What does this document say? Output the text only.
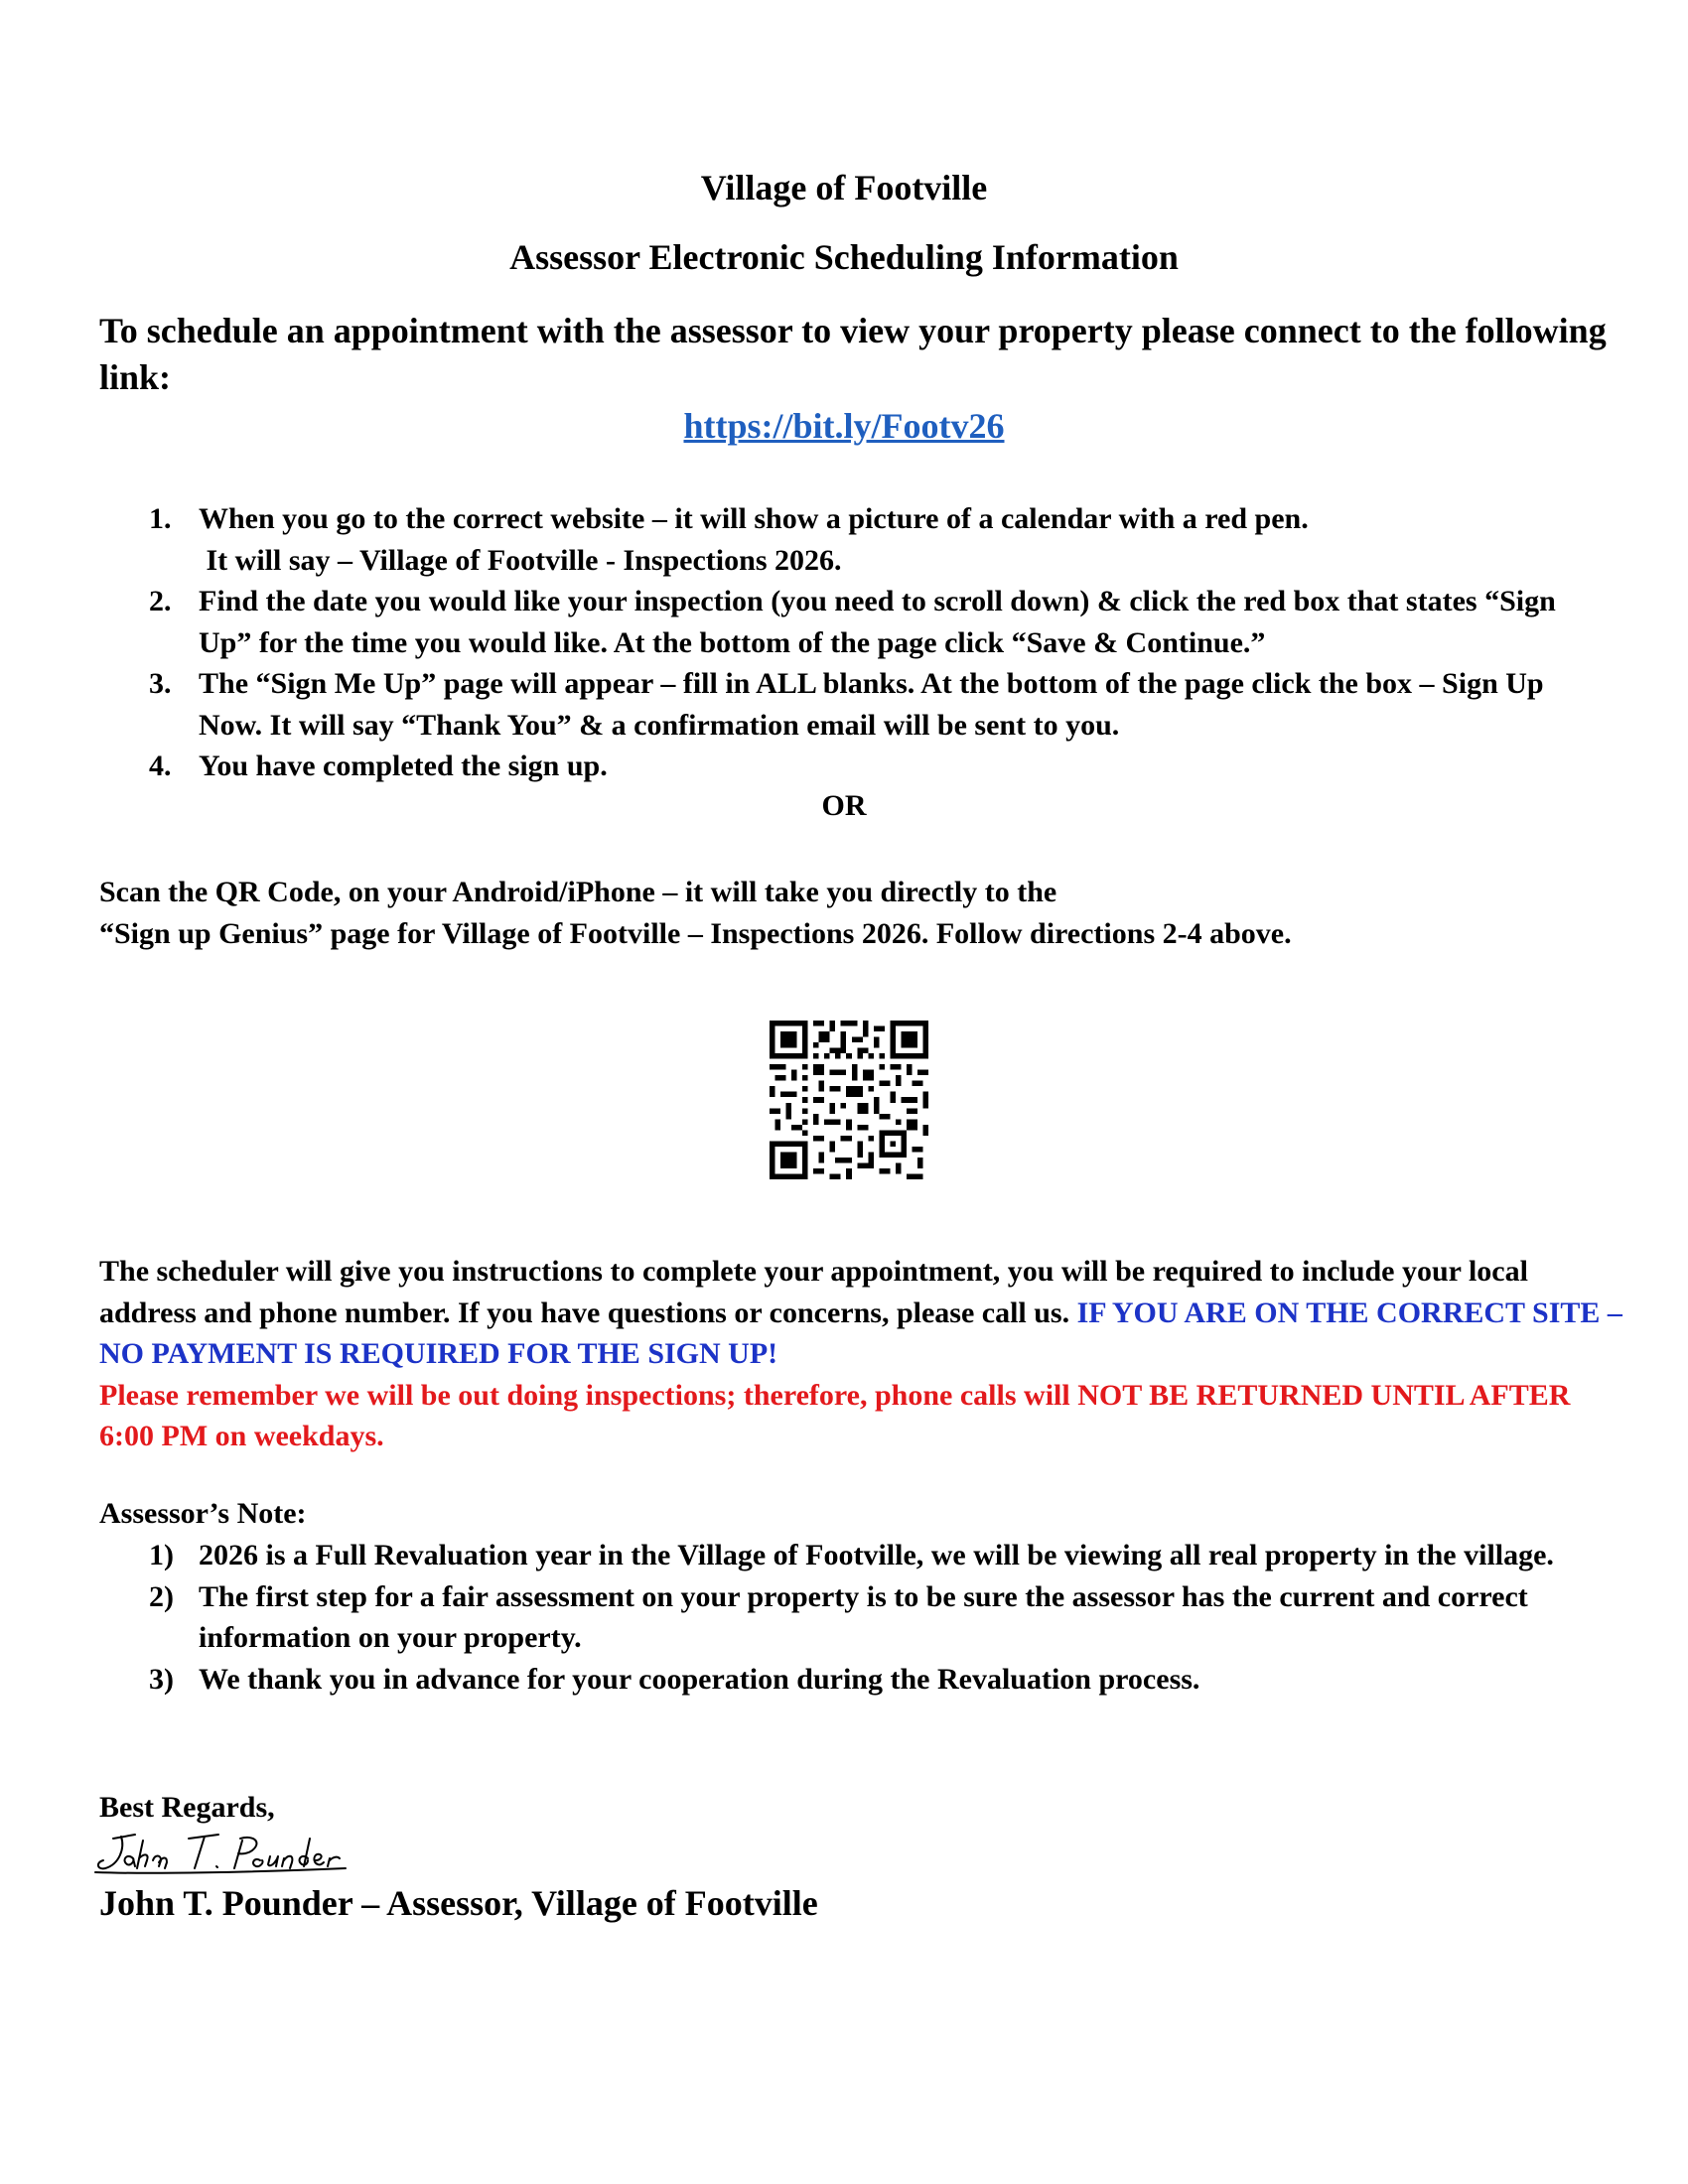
Village of Footville
Assessor Electronic Scheduling Information

To schedule an appointment with the assessor to view your property please connect to the following link:

https://bit.ly/Footv26
1. When you go to the correct website – it will show a picture of a calendar with a red pen.
It will say – Village of Footville - Inspections 2026.
2. Find the date you would like your inspection (you need to scroll down) & click the red box that states “Sign Up” for the time you would like. At the bottom of the page click “Save & Continue.”
3. The “Sign Me Up” page will appear – fill in ALL blanks. At the bottom of the page click the box – Sign Up Now. It will say “Thank You” & a confirmation email will be sent to you.
4. You have completed the sign up.
OR
Scan the QR Code, on your Android/iPhone – it will take you directly to the
“Sign up Genius” page for Village of Footville – Inspections 2026. Follow directions 2-4 above.
The scheduler will give you instructions to complete your appointment, you will be required to include your local address and phone number. If you have questions or concerns, please call us. IF YOU ARE ON THE CORRECT SITE – NO PAYMENT IS REQUIRED FOR THE SIGN UP!
Please remember we will be out doing inspections; therefore, phone calls will NOT BE RETURNED UNTIL AFTER 6:00 PM on weekdays.
Assessor’s Note:
1) 2026 is a Full Revaluation year in the Village of Footville, we will be viewing all real property in the village.
2) The first step for a fair assessment on your property is to be sure the assessor has the current and correct information on your property.
3) We thank you in advance for your cooperation during the Revaluation process.
Best Regards,
John T. Pounder – Assessor, Village of Footville
